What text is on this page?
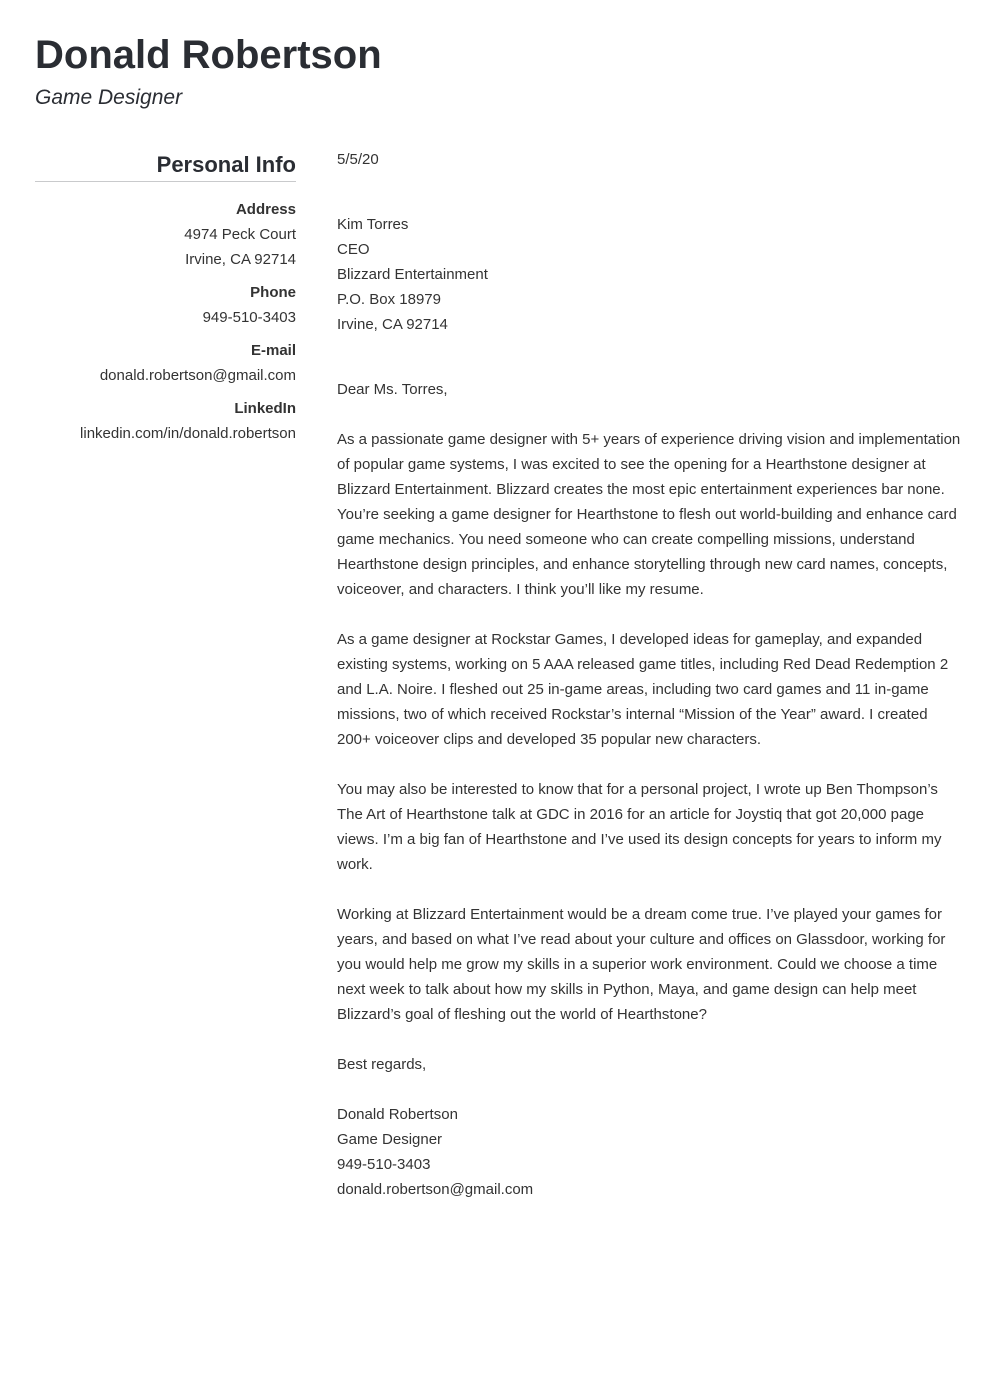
Donald Robertson
Game Designer
Personal Info
Address
4974 Peck Court
Irvine, CA 92714
Phone
949-510-3403
E-mail
donald.robertson@gmail.com
LinkedIn
linkedin.com/in/donald.robertson

5/5/20

Kim Torres
CEO
Blizzard Entertainment
P.O. Box 18979
Irvine, CA 92714

Dear Ms. Torres,

As a passionate game designer with 5+ years of experience driving vision and implementation of popular game systems, I was excited to see the opening for a Hearthstone designer at Blizzard Entertainment. Blizzard creates the most epic entertainment experiences bar none. You’re seeking a game designer for Hearthstone to flesh out world-building and enhance card game mechanics. You need someone who can create compelling missions, understand Hearthstone design principles, and enhance storytelling through new card names, concepts, voiceover, and characters. I think you’ll like my resume.

As a game designer at Rockstar Games, I developed ideas for gameplay, and expanded existing systems, working on 5 AAA released game titles, including Red Dead Redemption 2 and L.A. Noire. I fleshed out 25 in-game areas, including two card games and 11 in-game missions, two of which received Rockstar’s internal “Mission of the Year” award. I created 200+ voiceover clips and developed 35 popular new characters.

You may also be interested to know that for a personal project, I wrote up Ben Thompson’s The Art of Hearthstone talk at GDC in 2016 for an article for Joystiq that got 20,000 page views. I’m a big fan of Hearthstone and I’ve used its design concepts for years to inform my work.

Working at Blizzard Entertainment would be a dream come true. I’ve played your games for years, and based on what I’ve read about your culture and offices on Glassdoor, working for you would help me grow my skills in a superior work environment. Could we choose a time next week to talk about how my skills in Python, Maya, and game design can help meet Blizzard’s goal of fleshing out the world of Hearthstone?

Best regards,

Donald Robertson
Game Designer
949-510-3403
donald.robertson@gmail.com
